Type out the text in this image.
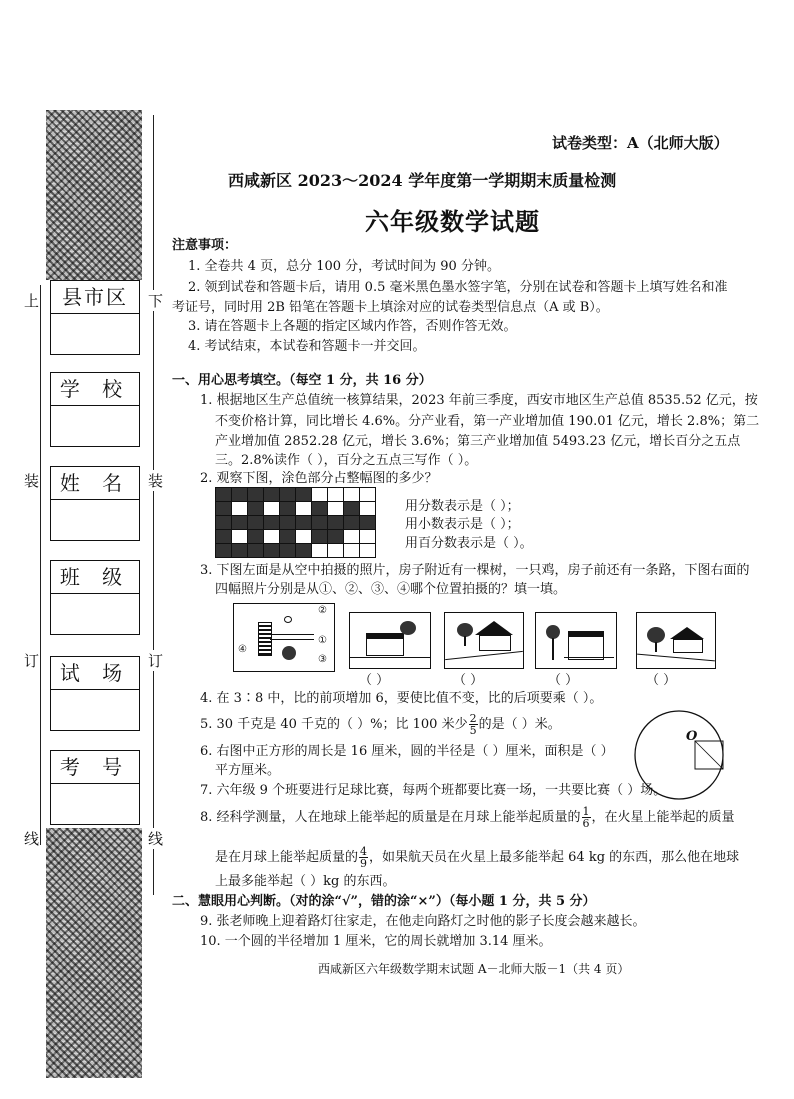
上
装
订
线
下
装
订
线
县市区
学 校
姓 名
班 级
试 场
考 号
试卷类型：A（北师大版）
西咸新区 2023～2024 学年度第一学期期末质量检测
六年级数学试题
注意事项：
1. 全卷共 4 页，总分 100 分，考试时间为 90 分钟。
2. 领到试卷和答题卡后，请用 0.5 毫米黑色墨水签字笔，分别在试卷和答题卡上填写姓名和准
考证号，同时用 2B 铅笔在答题卡上填涂对应的试卷类型信息点（A 或 B）。
3. 请在答题卡上各题的指定区域内作答，否则作答无效。
4. 考试结束，本试卷和答题卡一并交回。
一、用心思考填空。（每空 1 分，共 16 分）
1. 根据地区生产总值统一核算结果，2023 年前三季度，西安市地区生产总值 8535.52 亿元，按
不变价格计算，同比增长 4.6%。分产业看，第一产业增加值 190.01 亿元，增长 2.8%；第二
产业增加值 2852.28 亿元，增长 3.6%；第三产业增加值 5493.23 亿元，增长百分之五点
三。2.8%读作（ ），百分之五点三写作（ ）。
2. 观察下图，涂色部分占整幅图的多少？
用分数表示是（ ）；
用小数表示是（ ）；
用百分数表示是（ ）。
3. 下图左面是从空中拍摄的照片，房子附近有一棵树，一只鸡，房子前还有一条路，下图右面的
四幅照片分别是从①、②、③、④哪个位置拍摄的？填一填。
②
①
③
④
（ ）	（ ）	（ ）	（ ）
4. 在 3∶8 中，比的前项增加 6，要使比值不变，比的后项要乘（ ）。
5. 30 千克是 40 千克的（ ）%；比 100 米少 $\frac{2}{5}$ 的是（ ）米。
O
6. 右图中正方形的周长是 16 厘米，圆的半径是（ ）厘米，面积是（ ）
平方厘米。
7. 六年级 9 个班要进行足球比赛，每两个班都要比赛一场，一共要比赛（ ）场。
8. 经科学测量，人在地球上能举起的质量是在月球上能举起质量的 $\frac{1}{6}$ ，在火星上能举起的质量
是在月球上能举起质量的 $\frac{4}{9}$ ，如果航天员在火星上最多能举起 64 kg 的东西，那么他在地球
上最多能举起（ ）kg 的东西。
二、慧眼用心判断。（对的涂“√”，错的涂“×”）（每小题 1 分，共 5 分）
9. 张老师晚上迎着路灯往家走，在他走向路灯之时他的影子长度会越来越长。
10. 一个圆的半径增加 1 厘米，它的周长就增加 3.14 厘米。
西咸新区六年级数学期末试题 A－北师大版－1（共 4 页）
